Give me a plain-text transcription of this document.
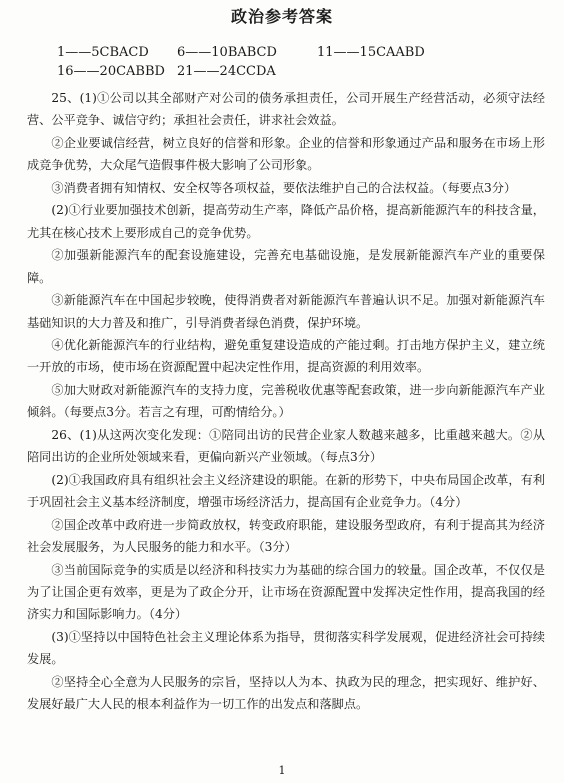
政治参考答案
1——5CBACD	6——10BABCD	11——15CAABD
16——20CABBD 21——24CCDA

25、(1)①公司以其全部财产对公司的债务承担责任，公司开展生产经营活动，必须守法经营、公平竞争、诚信守约；承担社会责任，讲求社会效益。

②企业要诚信经营，树立良好的信誉和形象。企业的信誉和形象通过产品和服务在市场上形成竞争优势，大众尾气造假事件极大影响了公司形象。

③消费者拥有知情权、安全权等各项权益，要依法维护自己的合法权益。（每要点3分）

(2)①行业要加强技术创新，提高劳动生产率，降低产品价格，提高新能源汽车的科技含量，尤其在核心技术上要形成自己的竞争优势。

②加强新能源汽车的配套设施建设，完善充电基础设施，是发展新能源汽车产业的重要保障。

③新能源汽车在中国起步较晚，使得消费者对新能源汽车普遍认识不足。加强对新能源汽车基础知识的大力普及和推广，引导消费者绿色消费，保护环境。

④优化新能源汽车的行业结构，避免重复建设造成的产能过剩。打击地方保护主义，建立统一开放的市场，使市场在资源配置中起决定性作用，提高资源的利用效率。

⑤加大财政对新能源汽车的支持力度，完善税收优惠等配套政策，进一步向新能源汽车产业倾斜。（每要点3分。若言之有理，可酌情给分。）

26、(1)从这两次变化发现：①陪同出访的民营企业家人数越来越多，比重越来越大。②从陪同出访的企业所处领域来看，更偏向新兴产业领域。（每点3分）

(2)①我国政府具有组织社会主义经济建设的职能。在新的形势下，中央布局国企改革，有利于巩固社会主义基本经济制度，增强市场经济活力，提高国有企业竞争力。（4分）

②国企改革中政府进一步简政放权，转变政府职能，建设服务型政府，有利于提高其为经济社会发展服务，为人民服务的能力和水平。（3分）

③当前国际竞争的实质是以经济和科技实力为基础的综合国力的较量。国企改革，不仅仅是为了让国企更有效率，更是为了政企分开，让市场在资源配置中发挥决定性作用，提高我国的经济实力和国际影响力。（4分）

(3)①坚持以中国特色社会主义理论体系为指导，贯彻落实科学发展观，促进经济社会可持续发展。

②坚持全心全意为人民服务的宗旨，坚持以人为本、执政为民的理念，把实现好、维护好、发展好最广大人民的根本利益作为一切工作的出发点和落脚点。

1
